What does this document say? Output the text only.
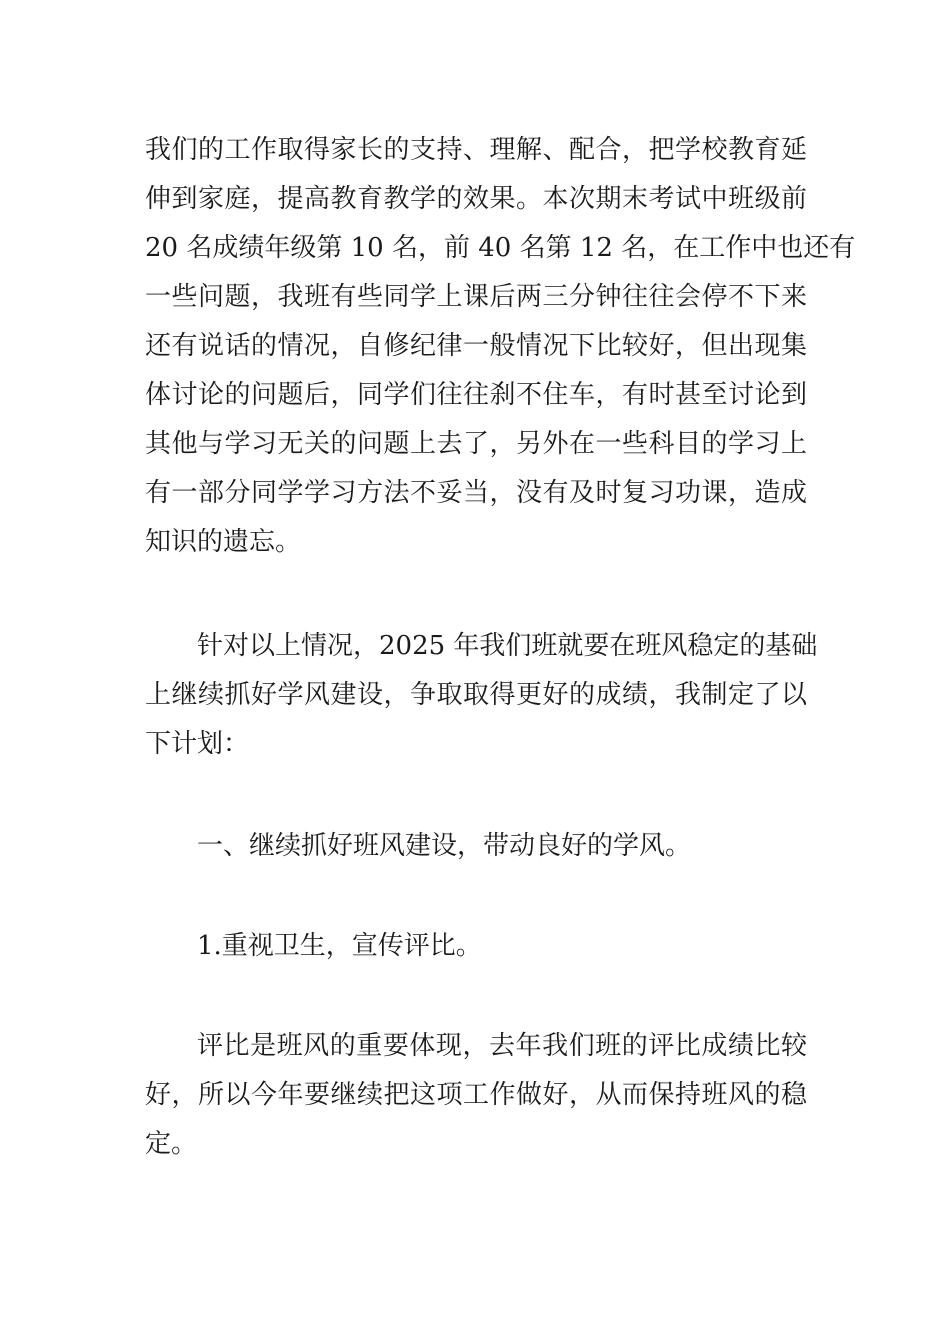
我们的工作取得家长的支持、理解、配合，把学校教育延
伸到家庭，提高教育教学的效果。本次期末考试中班级前
20 名成绩年级第 10 名，前 40 名第 12 名，在工作中也还有
一些问题，我班有些同学上课后两三分钟往往会停不下来
还有说话的情况，自修纪律一般情况下比较好，但出现集
体讨论的问题后，同学们往往刹不住车，有时甚至讨论到
其他与学习无关的问题上去了，另外在一些科目的学习上
有一部分同学学习方法不妥当，没有及时复习功课，造成
知识的遗忘。
针对以上情况，2025 年我们班就要在班风稳定的基础
上继续抓好学风建设，争取取得更好的成绩，我制定了以
下计划：
一、继续抓好班风建设，带动良好的学风。
1.重视卫生，宣传评比。
评比是班风的重要体现，去年我们班的评比成绩比较
好，所以今年要继续把这项工作做好，从而保持班风的稳
定。
